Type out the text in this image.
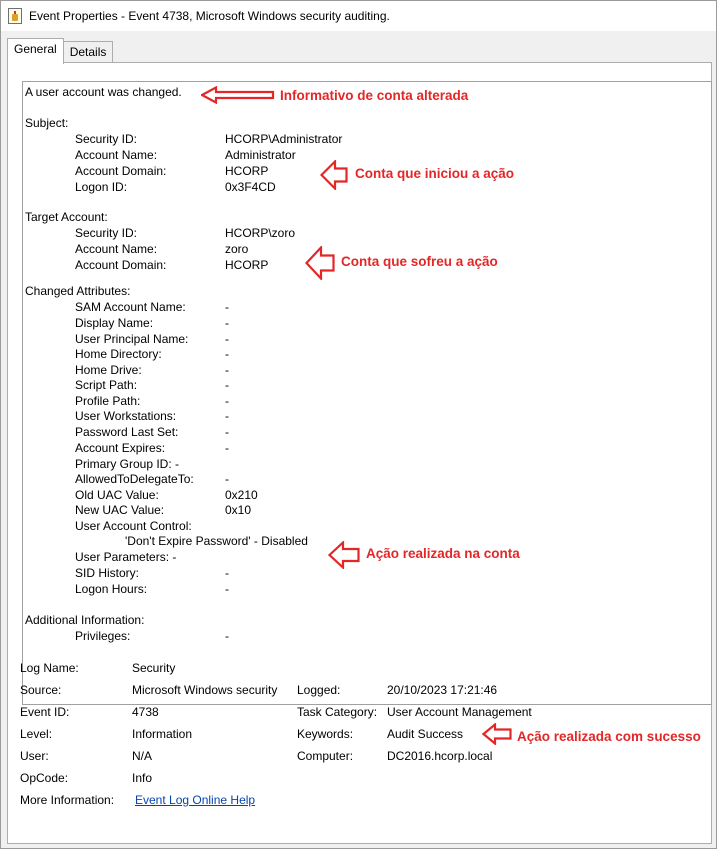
Event Properties - Event 4738, Microsoft Windows security auditing.
General	Details
A user account was changed.
Subject:
Security ID:	HCORP\Administrator
Account Name:	Administrator
Account Domain:	HCORP
Logon ID:	0x3F4CD
Target Account:
Security ID:	HCORP\zoro
Account Name:	zoro
Account Domain:	HCORP
Changed Attributes:
SAM Account Name:	-
Display Name:	-
User Principal Name:	-
Home Directory:	-
Home Drive:	-
Script Path:	-
Profile Path:	-
User Workstations:	-
Password Last Set:	-
Account Expires:	-
Primary Group ID: -
AllowedToDelegateTo:	-
Old UAC Value:	0x210
New UAC Value:	0x10
User Account Control:
'Don't Expire Password' - Disabled
User Parameters: -
SID History:	-
Logon Hours:	-
Additional Information:
Privileges:	-
Informativo de conta alterada
Conta que iniciou a ação
Conta que sofreu a ação
Ação realizada na conta
Log Name:	Security
Source:	Microsoft Windows security Logged:	20/10/2023 17:21:46
Event ID:	4738	Task Category: User Account Management
Level:	Information	Keywords:	Audit Success	Ação realizada com sucesso
User:	N/A	Computer:	DC2016.hcorp.local
OpCode:	Info
More Information: Event Log Online Help
